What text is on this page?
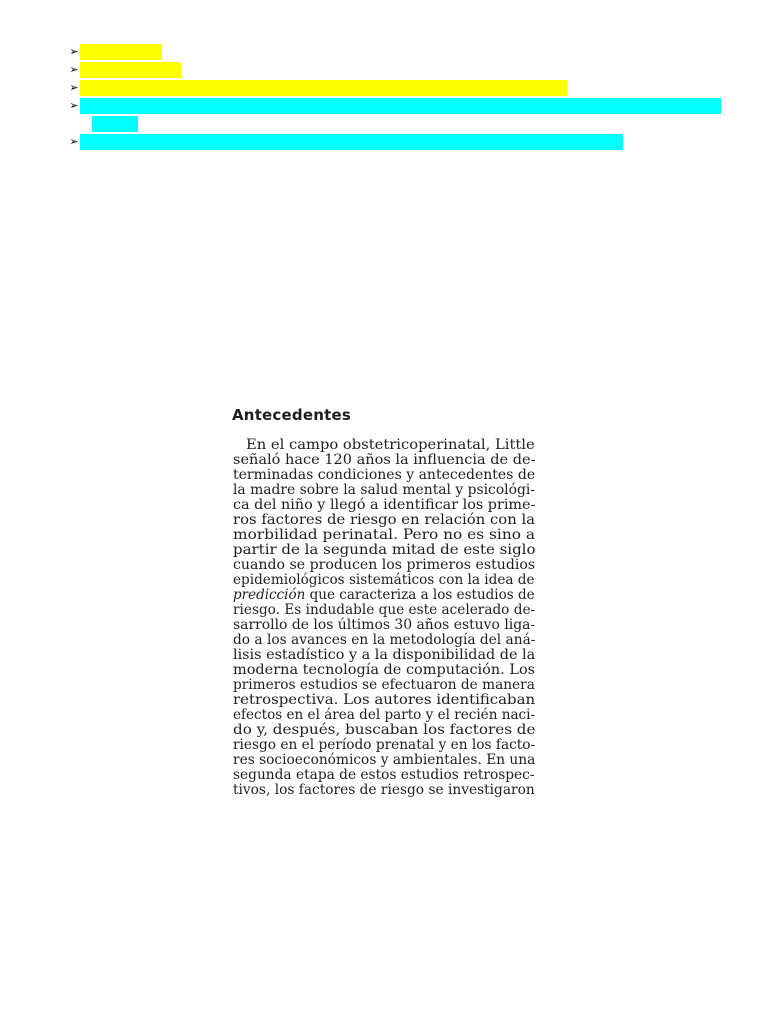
➢
➢
➢
➢
➢
Antecedentes
En el campo obstetricoperinatal, Little
señaló hace 120 años la influencia de de-
terminadas condiciones y antecedentes de
la madre sobre la salud mental y psicológi-
ca del niño y llegó a identificar los prime-
ros factores de riesgo en relación con la
morbilidad perinatal. Pero no es sino a
partir de la segunda mitad de este siglo
cuando se producen los primeros estudios
epidemiológicos sistemáticos con la idea de
predicción que caracteriza a los estudios de
riesgo. Es indudable que este acelerado de-
sarrollo de los últimos 30 años estuvo liga-
do a los avances en la metodología del aná-
lisis estadístico y a la disponibilidad de la
moderna tecnología de computación. Los
primeros estudios se efectuaron de manera
retrospectiva. Los autores identificaban
efectos en el área del parto y el recién naci-
do y, después, buscaban los factores de
riesgo en el período prenatal y en los facto-
res socioeconómicos y ambientales. En una
segunda etapa de estos estudios retrospec-
tivos, los factores de riesgo se investigaron
